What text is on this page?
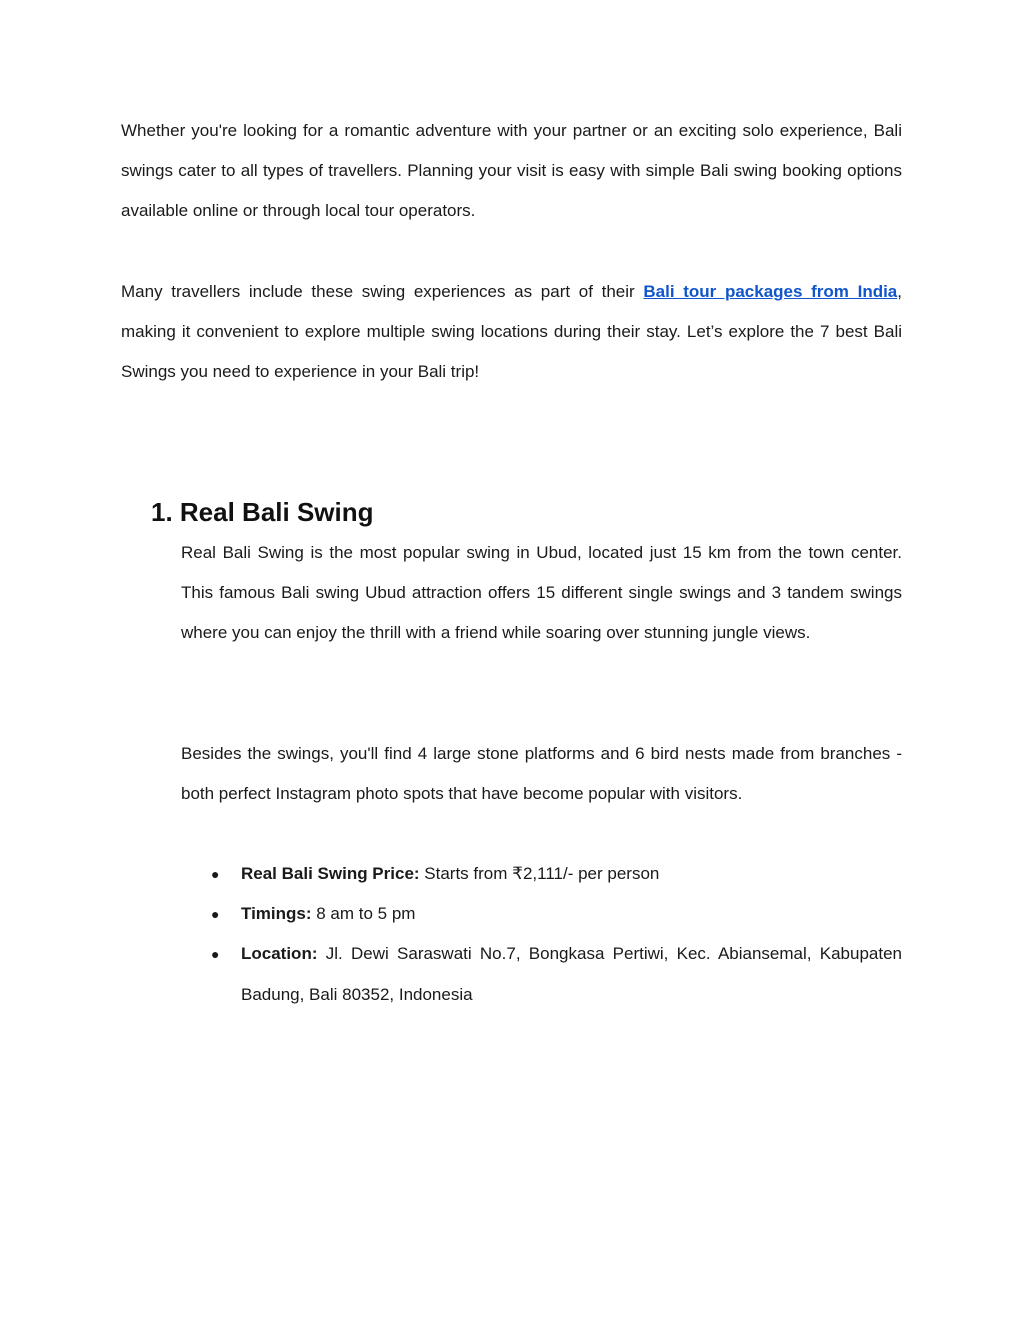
Whether you're looking for a romantic adventure with your partner or an exciting solo experience, Bali swings cater to all types of travellers. Planning your visit is easy with simple Bali swing booking options available online or through local tour operators.

Many travellers include these swing experiences as part of their Bali tour packages from India, making it convenient to explore multiple swing locations during their stay. Let’s explore the 7 best Bali Swings you need to experience in your Bali trip!

1. Real Bali Swing

Real Bali Swing is the most popular swing in Ubud, located just 15 km from the town center. This famous Bali swing Ubud attraction offers 15 different single swings and 3 tandem swings where you can enjoy the thrill with a friend while soaring over stunning jungle views.

Besides the swings, you'll find 4 large stone platforms and 6 bird nests made from branches - both perfect Instagram photo spots that have become popular with visitors.

● Real Bali Swing Price: Starts from ₹2,111/- per person
● Timings: 8 am to 5 pm
● Location: Jl. Dewi Saraswati No.7, Bongkasa Pertiwi, Kec. Abiansemal, Kabupaten Badung, Bali 80352, Indonesia
